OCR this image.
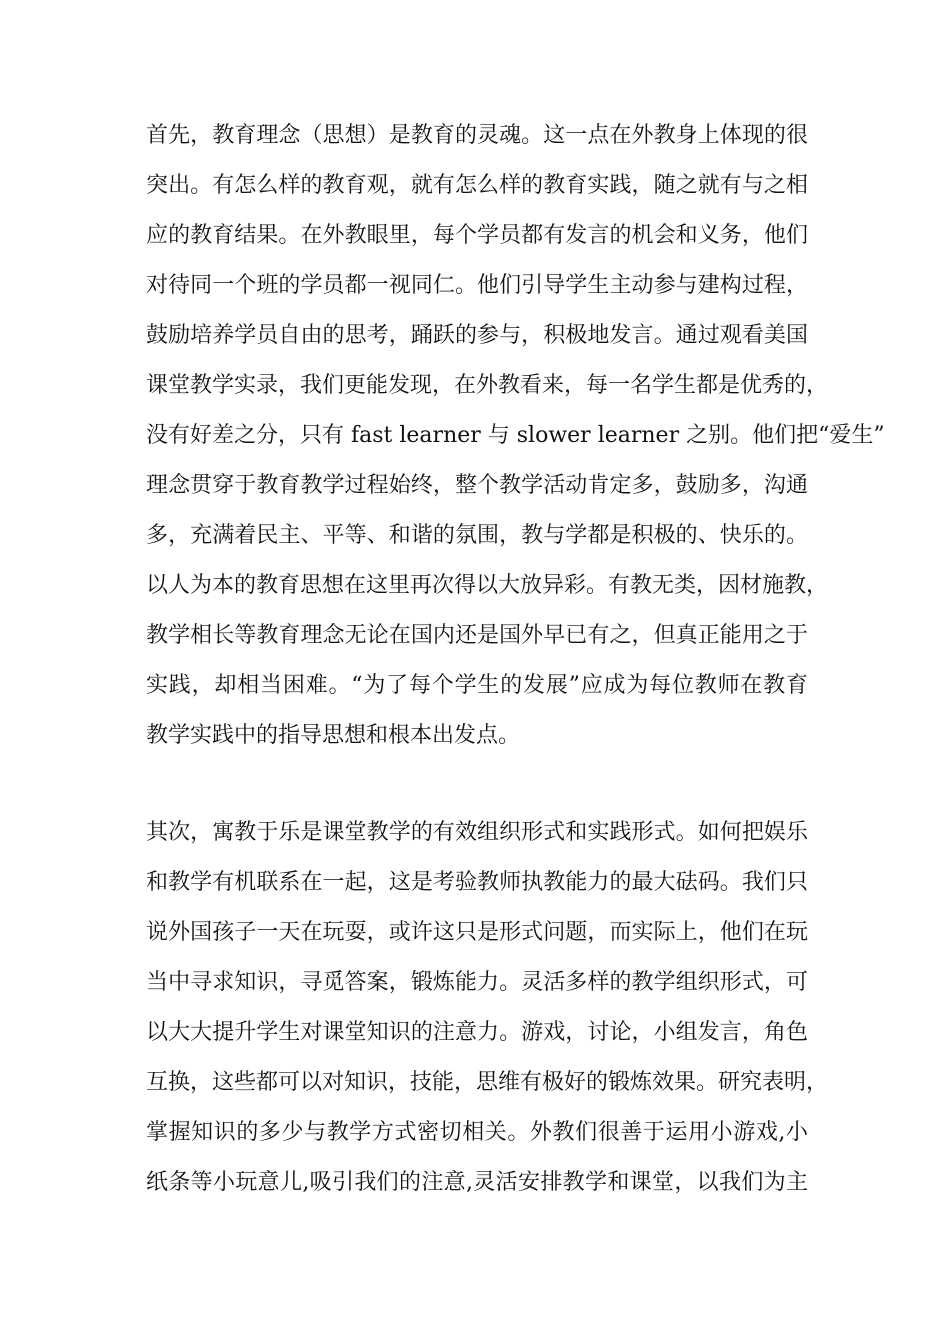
首先，教育理念（思想）是教育的灵魂。这一点在外教身上体现的很
突出。有怎么样的教育观，就有怎么样的教育实践，随之就有与之相
应的教育结果。在外教眼里，每个学员都有发言的机会和义务，他们
对待同一个班的学员都一视同仁。他们引导学生主动参与建构过程，
鼓励培养学员自由的思考，踊跃的参与，积极地发言。通过观看美国
课堂教学实录，我们更能发现，在外教看来，每一名学生都是优秀的，
没有好差之分，只有 fast learner 与 slower learner 之别。他们把“爱生”
理念贯穿于教育教学过程始终，整个教学活动肯定多，鼓励多，沟通
多，充满着民主、平等、和谐的氛围，教与学都是积极的、快乐的。
以人为本的教育思想在这里再次得以大放异彩。有教无类，因材施教，
教学相长等教育理念无论在国内还是国外早已有之，但真正能用之于
实践，却相当困难。“为了每个学生的发展”应成为每位教师在教育
教学实践中的指导思想和根本出发点。
其次，寓教于乐是课堂教学的有效组织形式和实践形式。如何把娱乐
和教学有机联系在一起，这是考验教师执教能力的最大砝码。我们只
说外国孩子一天在玩耍，或许这只是形式问题，而实际上，他们在玩
当中寻求知识，寻觅答案，锻炼能力。灵活多样的教学组织形式，可
以大大提升学生对课堂知识的注意力。游戏，讨论，小组发言，角色
互换，这些都可以对知识，技能，思维有极好的锻炼效果。研究表明，
掌握知识的多少与教学方式密切相关。外教们很善于运用小游戏,小
纸条等小玩意儿,吸引我们的注意,灵活安排教学和课堂，以我们为主
